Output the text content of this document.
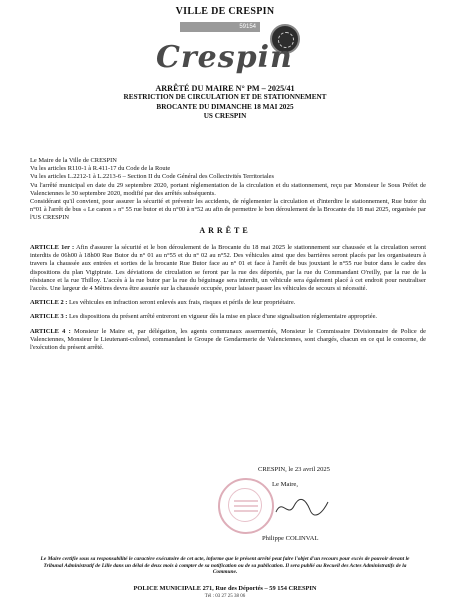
VILLE DE CRESPIN
59154
Crespin
ARRÊTÉ DU MAIRE N° PM – 2025/41
RESTRICTION DE CIRCULATION ET DE STATIONNEMENT
BROCANTE DU DIMANCHE 18 MAI 2025
US CRESPIN
Le Maire de la Ville de CRESPIN
Vu les articles R110-1 à R.411-17 du Code de la Route
Vu les articles L.2212-1 à L.2213-6 – Section II du Code Général des Collectivités Territoriales
Vu l'arrêté municipal en date du 29 septembre 2020, portant réglementation de la circulation et du stationnement, reçu par Monsieur le Sous Préfet de Valenciennes le 30 septembre 2020, modifié par des arrêtés subséquents.
Considérant qu'il convient, pour assurer la sécurité et prévenir les accidents, de réglementer la circulation et d'interdire le stationnement, Rue butor du n°01 à l'arrêt de bus « Le canon » n° 55 rue butor et du n°00 à n°52 au afin de permettre le bon déroulement de la Brocante du 18 mai 2025, organisée par l'US CRESPIN
ARRÊTE
ARTICLE 1er : Afin d'assurer la sécurité et le bon déroulement de la Brocante du 18 mai 2025 le stationnement sur chaussée et la circulation seront interdits de 06h00 à 18h00 Rue Butor du n° 01 au n°55 et du n° 02 au n°52. Des véhicules ainsi que des barrières seront placés par les organisateurs à travers la chaussée aux entrées et sorties de la brocante Rue Butor face au n° 01 et face à l'arrêt de bus jouxtant le n°55 rue butor dans le cadre des dispositions du plan Vigipirate. Les déviations de circulation se feront par la rue des déportés, par la rue du Commandant O'reilly, par la rue de la résistance et la rue Thilloy. L'accès à la rue butor par la rue du béguinage sera interdit, un véhicule sera également placé à cet endroit pour neutraliser l'accès. Une largeur de 4 Mètres devra être assurée sur la chaussée occupée, pour laisser passer les véhicules de secours si nécessité.
ARTICLE 2 : Les véhicules en infraction seront enlevés aux frais, risques et périls de leur propriétaire.
ARTICLE 3 : Les dispositions du présent arrêté entreront en vigueur dès la mise en place d'une signalisation réglementaire appropriée.
ARTICLE 4 : Monsieur le Maire et, par délégation, les agents communaux assermentés, Monsieur le Commissaire Divisionnaire de Police de Valenciennes, Monsieur le Lieutenant-colonel, commandant le Groupe de Gendarmerie de Valenciennes, sont chargés, chacun en ce qui le concerne, de l'exécution du présent arrêté.
CRESPIN, le 23 avril 2025
Le Maire,
Philippe COLINVAL
Le Maire certifie sous sa responsabilité le caractère exécutoire de cet acte, informe que le présent arrêté peut faire l'objet d'un recours pour excès de pouvoir devant le Tribunal Administratif de Lille dans un délai de deux mois à compter de sa notification ou de sa publication. Il sera publié au Recueil des Actes Administratifs de la Commune.
POLICE MUNICIPALE 271, Rue des Déportés – 59 154 CRESPIN
Tél : 03 27 25 38 06
